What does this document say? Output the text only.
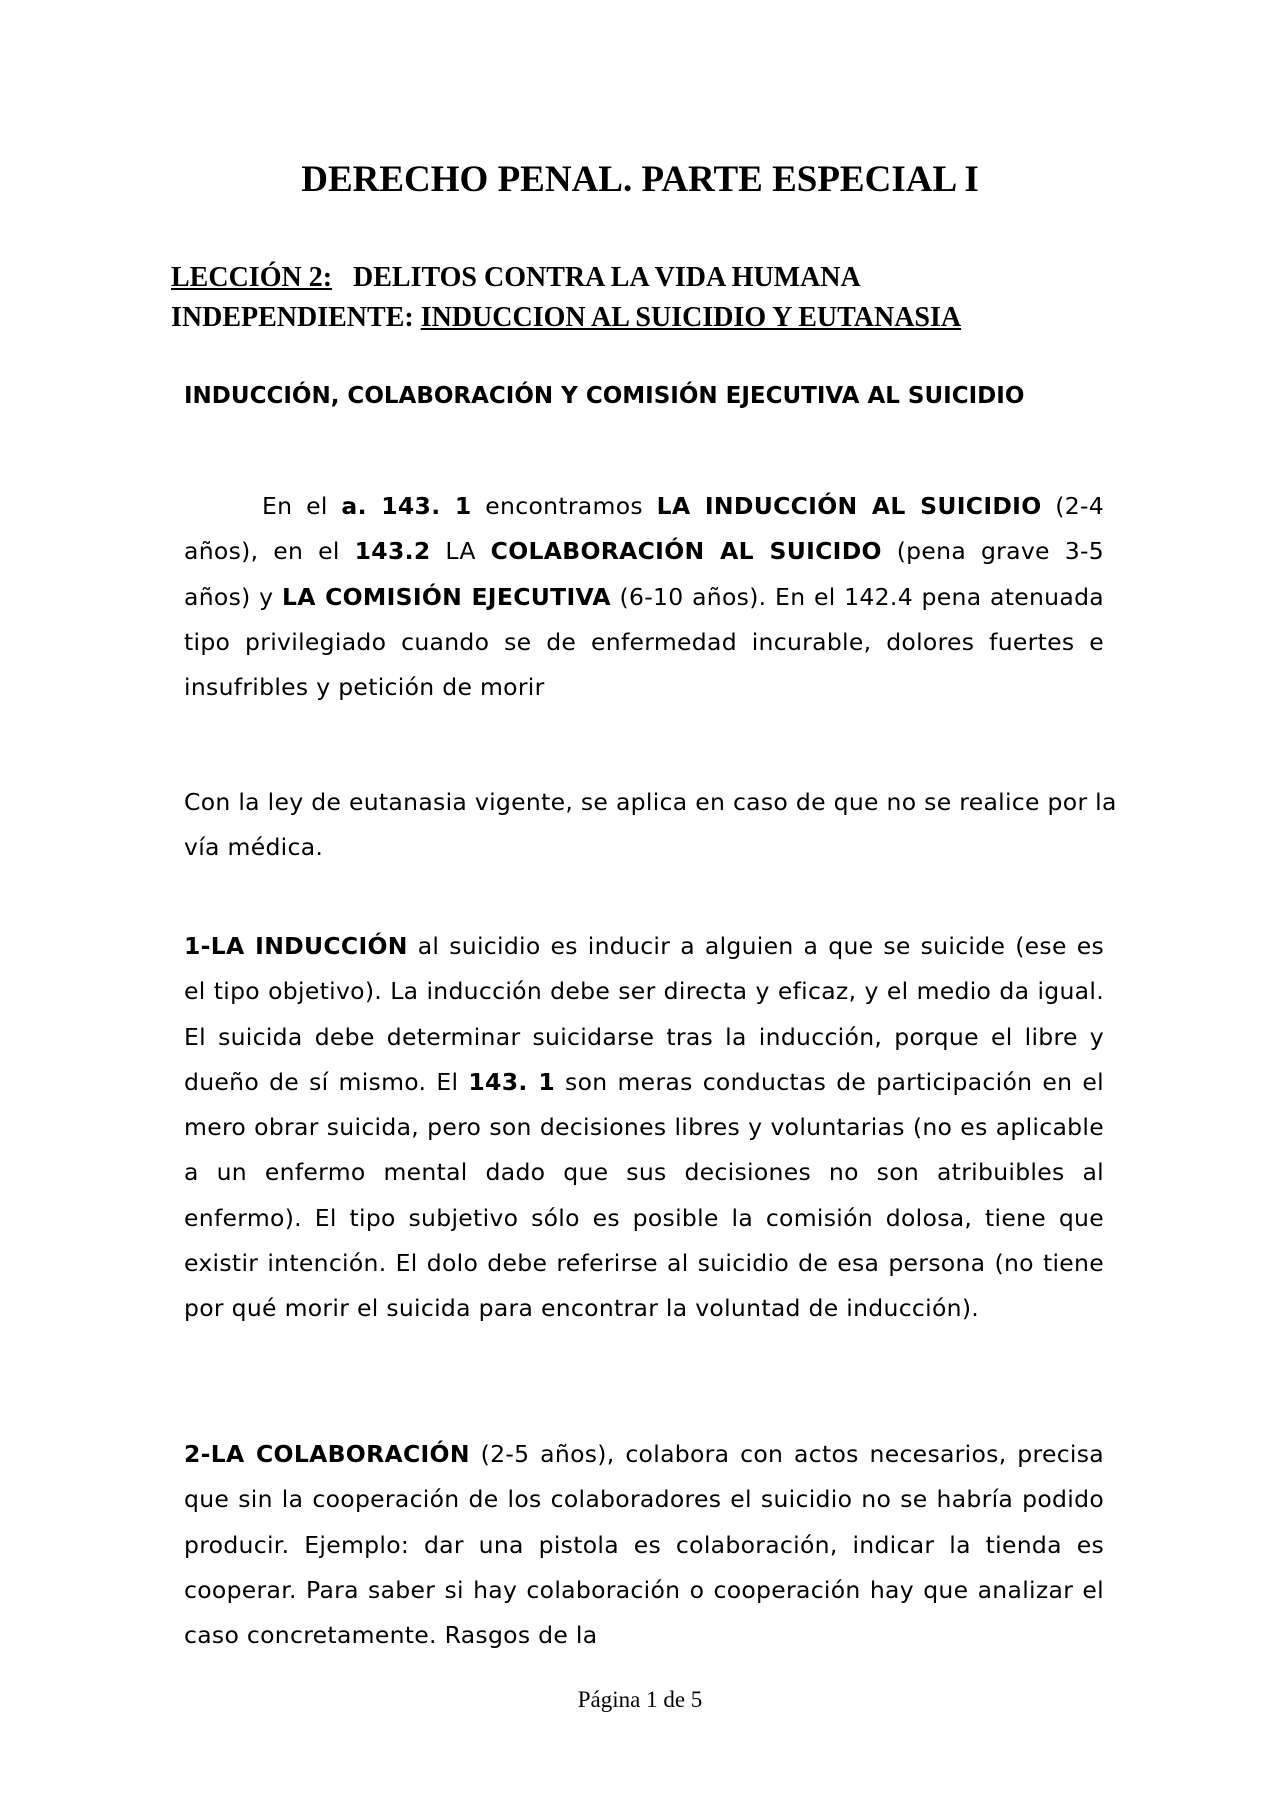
DERECHO PENAL. PARTE ESPECIAL I
LECCIÓN 2: DELITOS CONTRA LA VIDA HUMANA
INDEPENDIENTE: INDUCCION AL SUICIDIO Y EUTANASIA
INDUCCIÓN, COLABORACIÓN Y COMISIÓN EJECUTIVA AL SUICIDIO

En el a. 143. 1 encontramos LA INDUCCIÓN AL SUICIDIO (2-4 años), en el 143.2 LA COLABORACIÓN AL SUICIDO (pena grave 3-5 años) y LA COMISIÓN EJECUTIVA (6-10 años). En el 142.4 pena atenuada tipo privilegiado cuando se de enfermedad incurable, dolores fuertes e insufribles y petición de morir

Con la ley de eutanasia vigente, se aplica en caso de que no se realice por la vía médica.

1-LA INDUCCIÓN al suicidio es inducir a alguien a que se suicide (ese es el tipo objetivo). La inducción debe ser directa y eficaz, y el medio da igual. El suicida debe determinar suicidarse tras la inducción, porque el libre y dueño de sí mismo. El 143. 1 son meras conductas de participación en el mero obrar suicida, pero son decisiones libres y voluntarias (no es aplicable a un enfermo mental dado que sus decisiones no son atribuibles al enfermo). El tipo subjetivo sólo es posible la comisión dolosa, tiene que existir intención. El dolo debe referirse al suicidio de esa persona (no tiene por qué morir el suicida para encontrar la voluntad de inducción).

2-LA COLABORACIÓN (2-5 años), colabora con actos necesarios, precisa que sin la cooperación de los colaboradores el suicidio no se habría podido producir. Ejemplo: dar una pistola es colaboración, indicar la tienda es cooperar. Para saber si hay colaboración o cooperación hay que analizar el caso concretamente. Rasgos de la

Página 1 de 5
